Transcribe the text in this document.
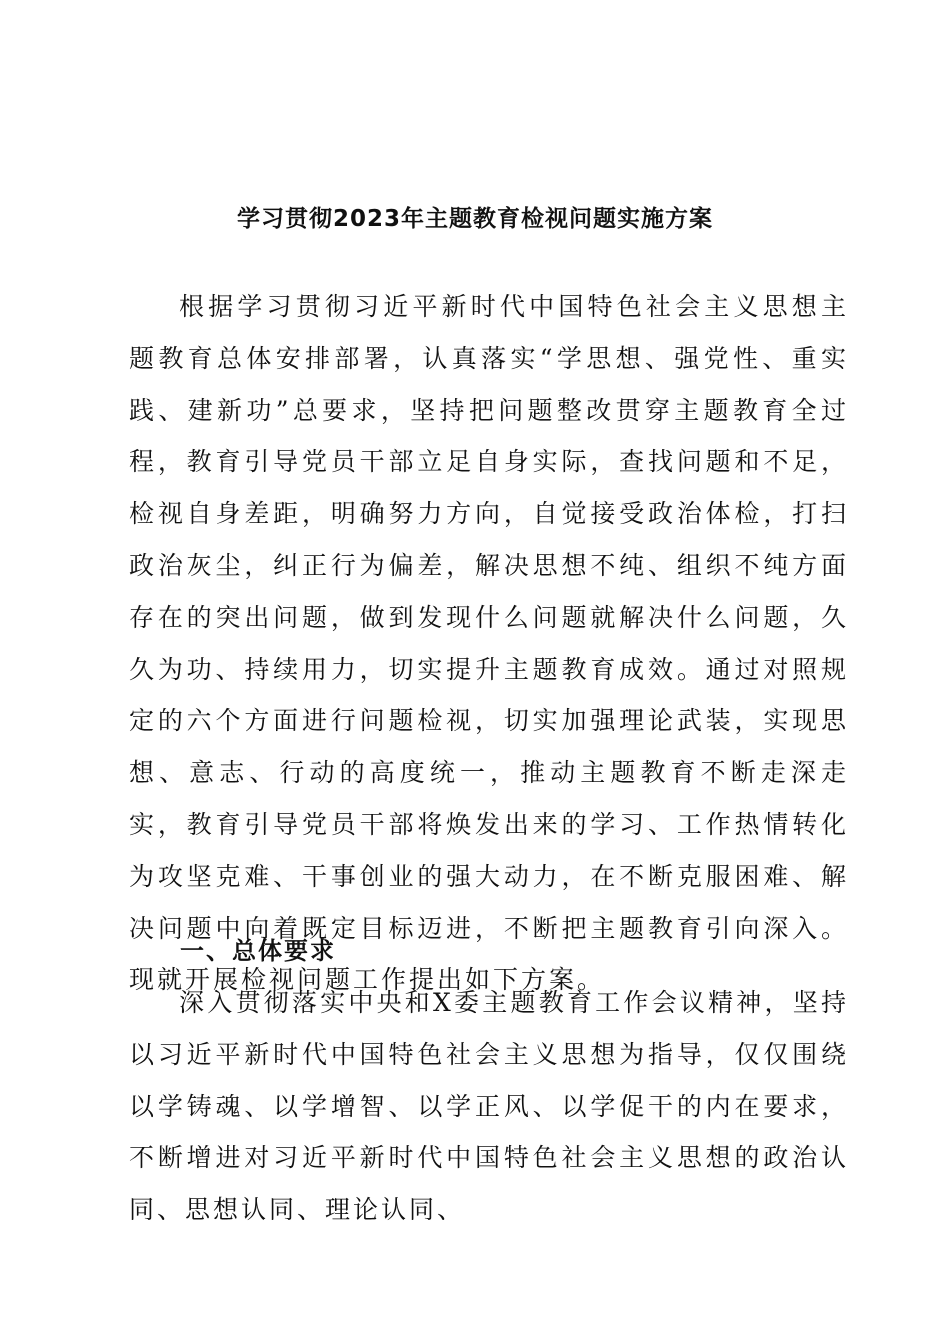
学习贯彻2023年主题教育检视问题实施方案

根据学习贯彻习近平新时代中国特色社会主义思想主题教育总体安排部署，认真落实“学思想、强党性、重实践、建新功”总要求，坚持把问题整改贯穿主题教育全过程，教育引导党员干部立足自身实际，查找问题和不足，检视自身差距，明确努力方向，自觉接受政治体检，打扫政治灰尘，纠正行为偏差，解决思想不纯、组织不纯方面存在的突出问题，做到发现什么问题就解决什么问题，久久为功、持续用力，切实提升主题教育成效。通过对照规定的六个方面进行问题检视，切实加强理论武装，实现思想、意志、行动的高度统一，推动主题教育不断走深走实，教育引导党员干部将焕发出来的学习、工作热情转化为攻坚克难、干事创业的强大动力，在不断克服困难、解决问题中向着既定目标迈进，不断把主题教育引向深入。现就开展检视问题工作提出如下方案。

一、总体要求

深入贯彻落实中央和X委主题教育工作会议精神，坚持以习近平新时代中国特色社会主义思想为指导，仅仅围绕以学铸魂、以学增智、以学正风、以学促干的内在要求，不断增进对习近平新时代中国特色社会主义思想的政治认同、思想认同、理论认同、
